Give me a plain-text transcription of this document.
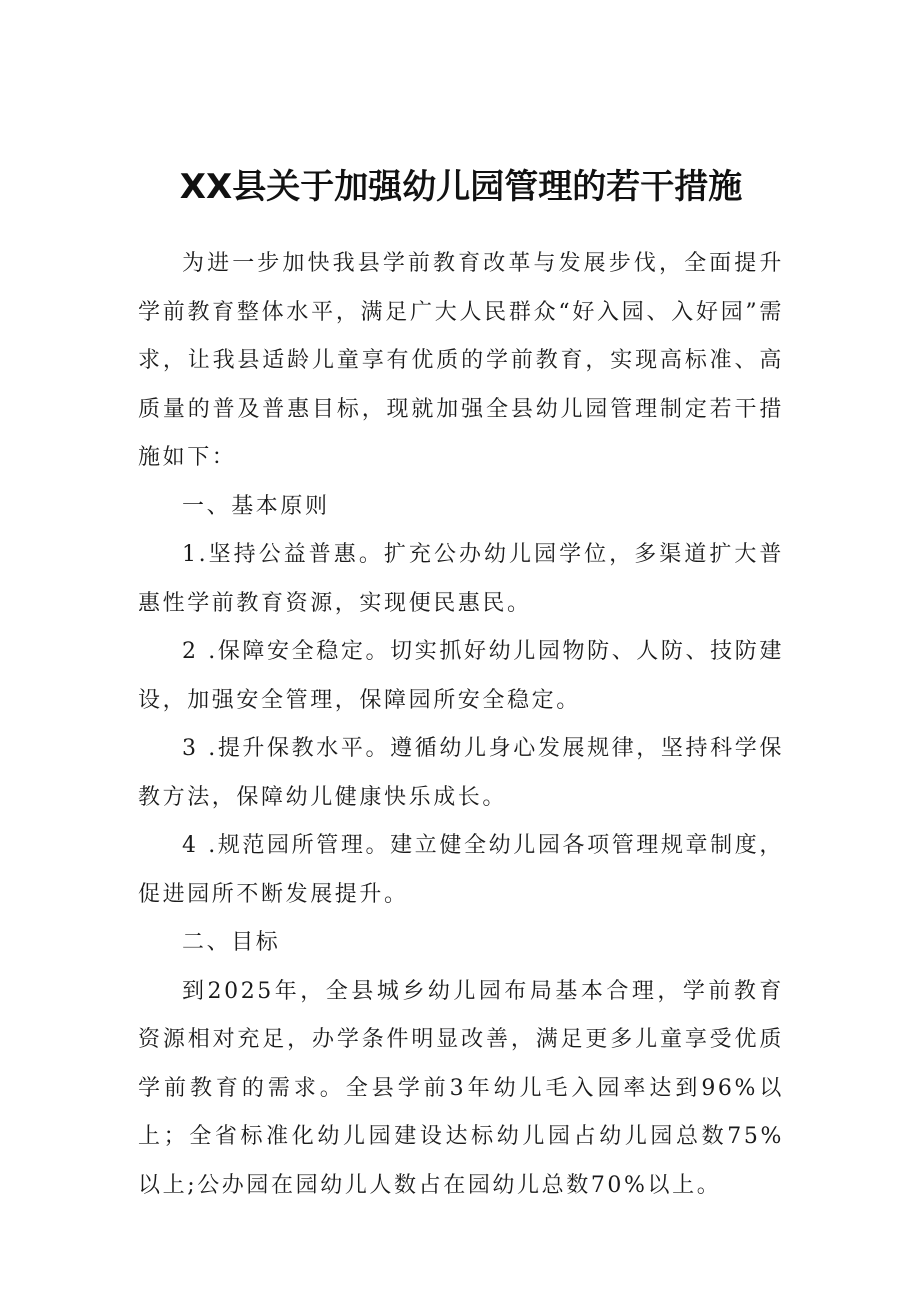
XX县关于加强幼儿园管理的若干措施

为进一步加快我县学前教育改革与发展步伐，全面提升学前教育整体水平，满足广大人民群众“好入园、入好园”需求，让我县适龄儿童享有优质的学前教育，实现高标准、高质量的普及普惠目标，现就加强全县幼儿园管理制定若干措施如下：

一、基本原则

1.坚持公益普惠。扩充公办幼儿园学位，多渠道扩大普惠性学前教育资源，实现便民惠民。

2 .保障安全稳定。切实抓好幼儿园物防、人防、技防建设，加强安全管理，保障园所安全稳定。

3 .提升保教水平。遵循幼儿身心发展规律，坚持科学保教方法，保障幼儿健康快乐成长。

4 .规范园所管理。建立健全幼儿园各项管理规章制度，促进园所不断发展提升。

二、目标

到2025年，全县城乡幼儿园布局基本合理，学前教育资源相对充足，办学条件明显改善，满足更多儿童享受优质学前教育的需求。全县学前3年幼儿毛入园率达到96%以上；全省标准化幼儿园建设达标幼儿园占幼儿园总数75%以上;公办园在园幼儿人数占在园幼儿总数70%以上。
